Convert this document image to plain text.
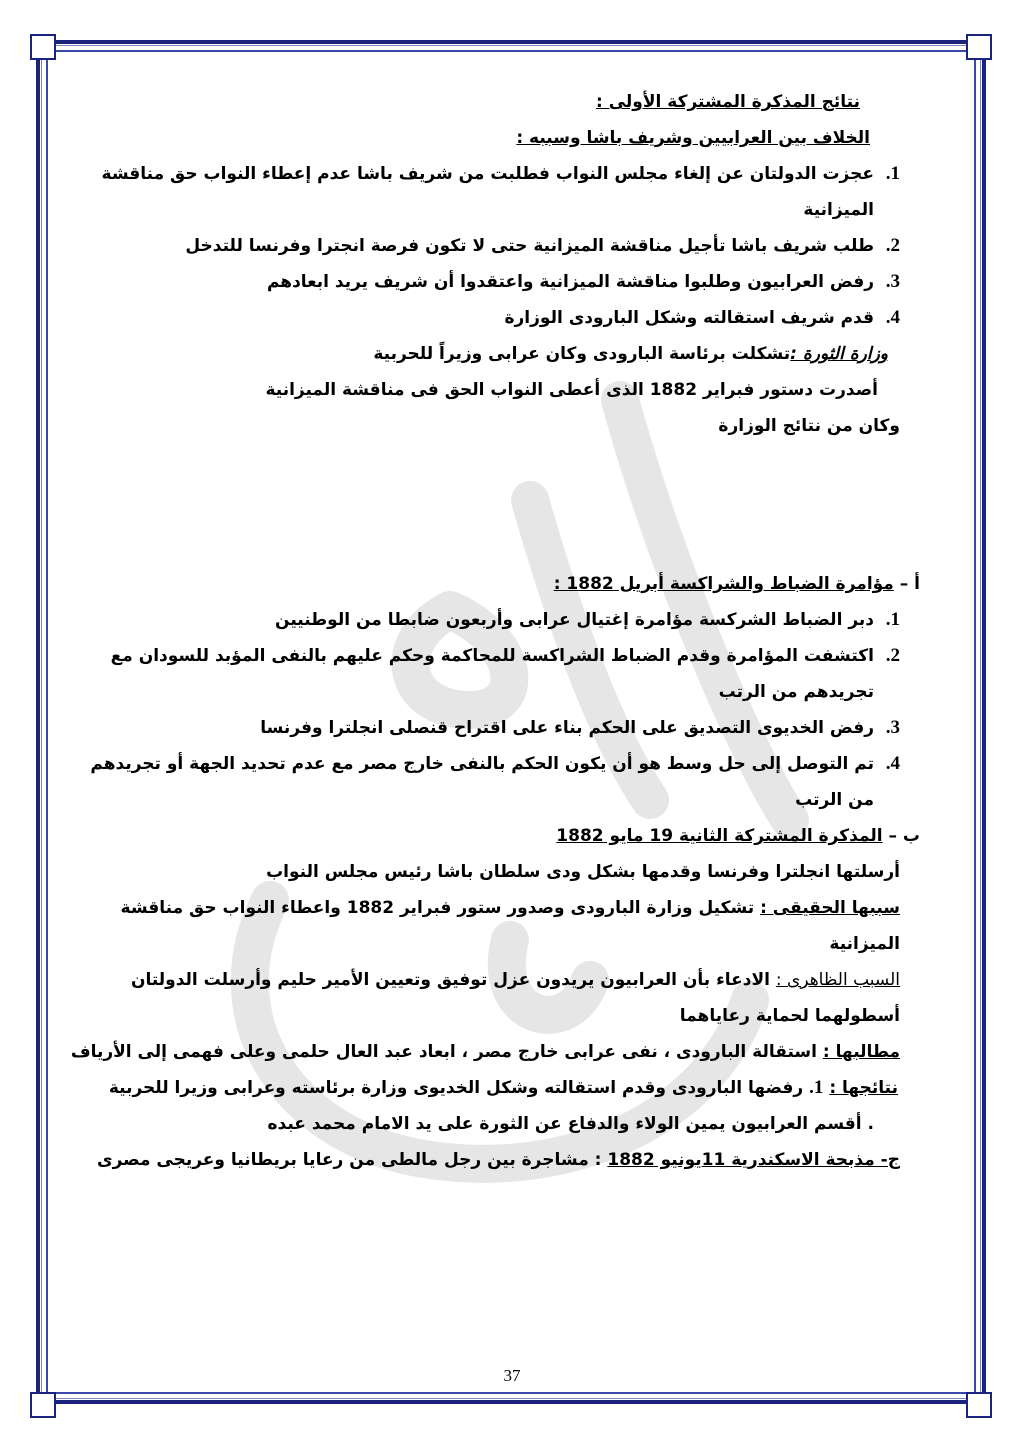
نتائج المذكرة المشتركة الأولى :
الخلاف بين العرابيين وشريف باشا وسببه :
1.
عجزت الدولتان عن إلغاء مجلس النواب فطلبت من شريف باشا عدم إعطاء النواب حق مناقشة الميزانية
2.
طلب شريف باشا تأجيل مناقشة الميزانية حتى لا تكون فرصة انجترا وفرنسا للتدخل
3.
رفض العرابيون وطلبوا مناقشة الميزانية واعتقدوا أن شريف يريد ابعادهم
4.
قدم شريف استقالته وشكل البارودى الوزارة
وزارة الثورة :تشكلت برئاسة البارودى وكان عرابى وزيراً للحربية
أصدرت دستور فبراير 1882 الذى أعطى النواب الحق فى مناقشة الميزانية
وكان من نتائج الوزارة
أ – مؤامرة الضباط والشراكسة أبريل 1882 :
1.
دبر الضباط الشركسة مؤامرة إغتيال عرابى وأربعون ضابطا من الوطنيين
2.
اكتشفت المؤامرة وقدم الضباط الشراكسة للمحاكمة وحكم عليهم بالنفى المؤبد للسودان مع تجريدهم من الرتب
3.
رفض الخديوى التصديق على الحكم بناء على اقتراح قنصلى انجلترا وفرنسا
4.
تم التوصل إلى حل وسط هو أن يكون الحكم بالنفى خارج مصر مع عدم تحديد الجهة أو تجريدهم من الرتب
ب – المذكرة المشتركة الثانية 19 مايو 1882
أرسلتها انجلترا وفرنسا وقدمها بشكل ودى سلطان باشا رئيس مجلس النواب
سببها الحقيقى : تشكيل وزارة البارودى وصدور ستور فبراير 1882 واعطاء النواب حق مناقشة الميزانية
السبب الظاهرى : الادعاء بأن العرابيون يريدون عزل توفيق وتعيين الأمير حليم وأرسلت الدولتان أسطولهما لحماية رعاياهما
مطالبها : استقالة البارودى ، نفى عرابى خارج مصر ، ابعاد عبد العال حلمى وعلى فهمى إلى الأرياف
نتائجها : 1. رفضها البارودى وقدم استقالته وشكل الخديوى وزارة برئاسته وعرابى وزيرا للحربية
. أقسم العرابيون يمين الولاء والدفاع عن الثورة على يد الامام محمد عبده
ج- مذبحة الاسكندرية 11يونيو 1882 : مشاجرة بين رجل مالطى من رعايا بريطانيا وعريجى مصرى
37
